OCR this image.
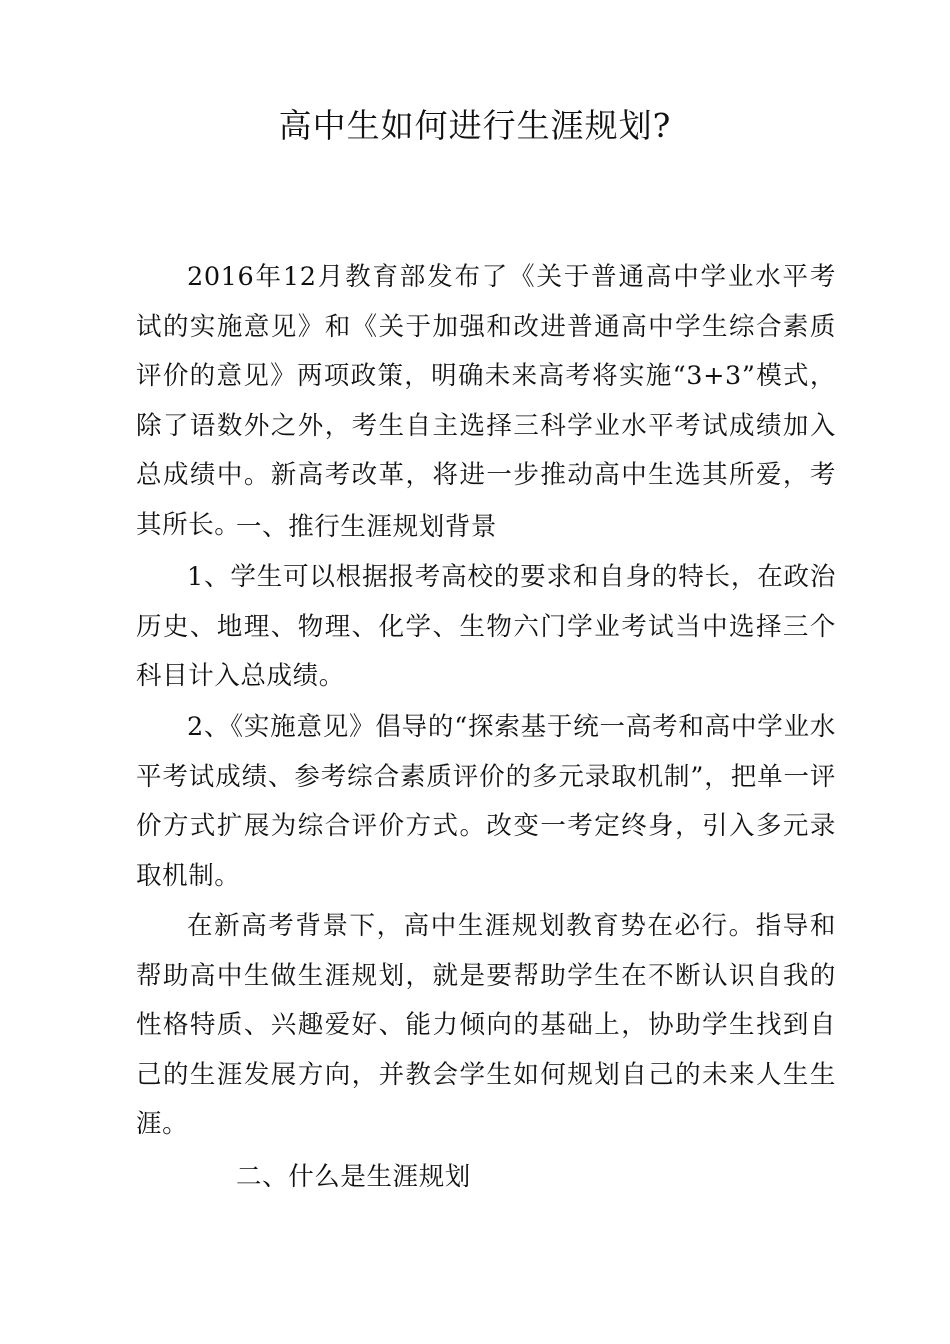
高中生如何进行生涯规划?

2016年12月教育部发布了《关于普通高中学业水平考试的实施意见》和《关于加强和改进普通高中学生综合素质评价的意见》两项政策，明确未来高考将实施“3+3”模式，除了语数外之外，考生自主选择三科学业水平考试成绩加入总成绩中。新高考改革，将进一步推动高中生选其所爱，考其所长。

一、推行生涯规划背景

1、学生可以根据报考高校的要求和自身的特长，在政治历史、地理、物理、化学、生物六门学业考试当中选择三个科目计入总成绩。

2、《实施意见》倡导的“探索基于统一高考和高中学业水平考试成绩、参考综合素质评价的多元录取机制”，把单一评价方式扩展为综合评价方式。改变一考定终身，引入多元录取机制。

在新高考背景下，高中生涯规划教育势在必行。指导和帮助高中生做生涯规划，就是要帮助学生在不断认识自我的性格特质、兴趣爱好、能力倾向的基础上，协助学生找到自己的生涯发展方向，并教会学生如何规划自己的未来人生生涯。

二、什么是生涯规划
